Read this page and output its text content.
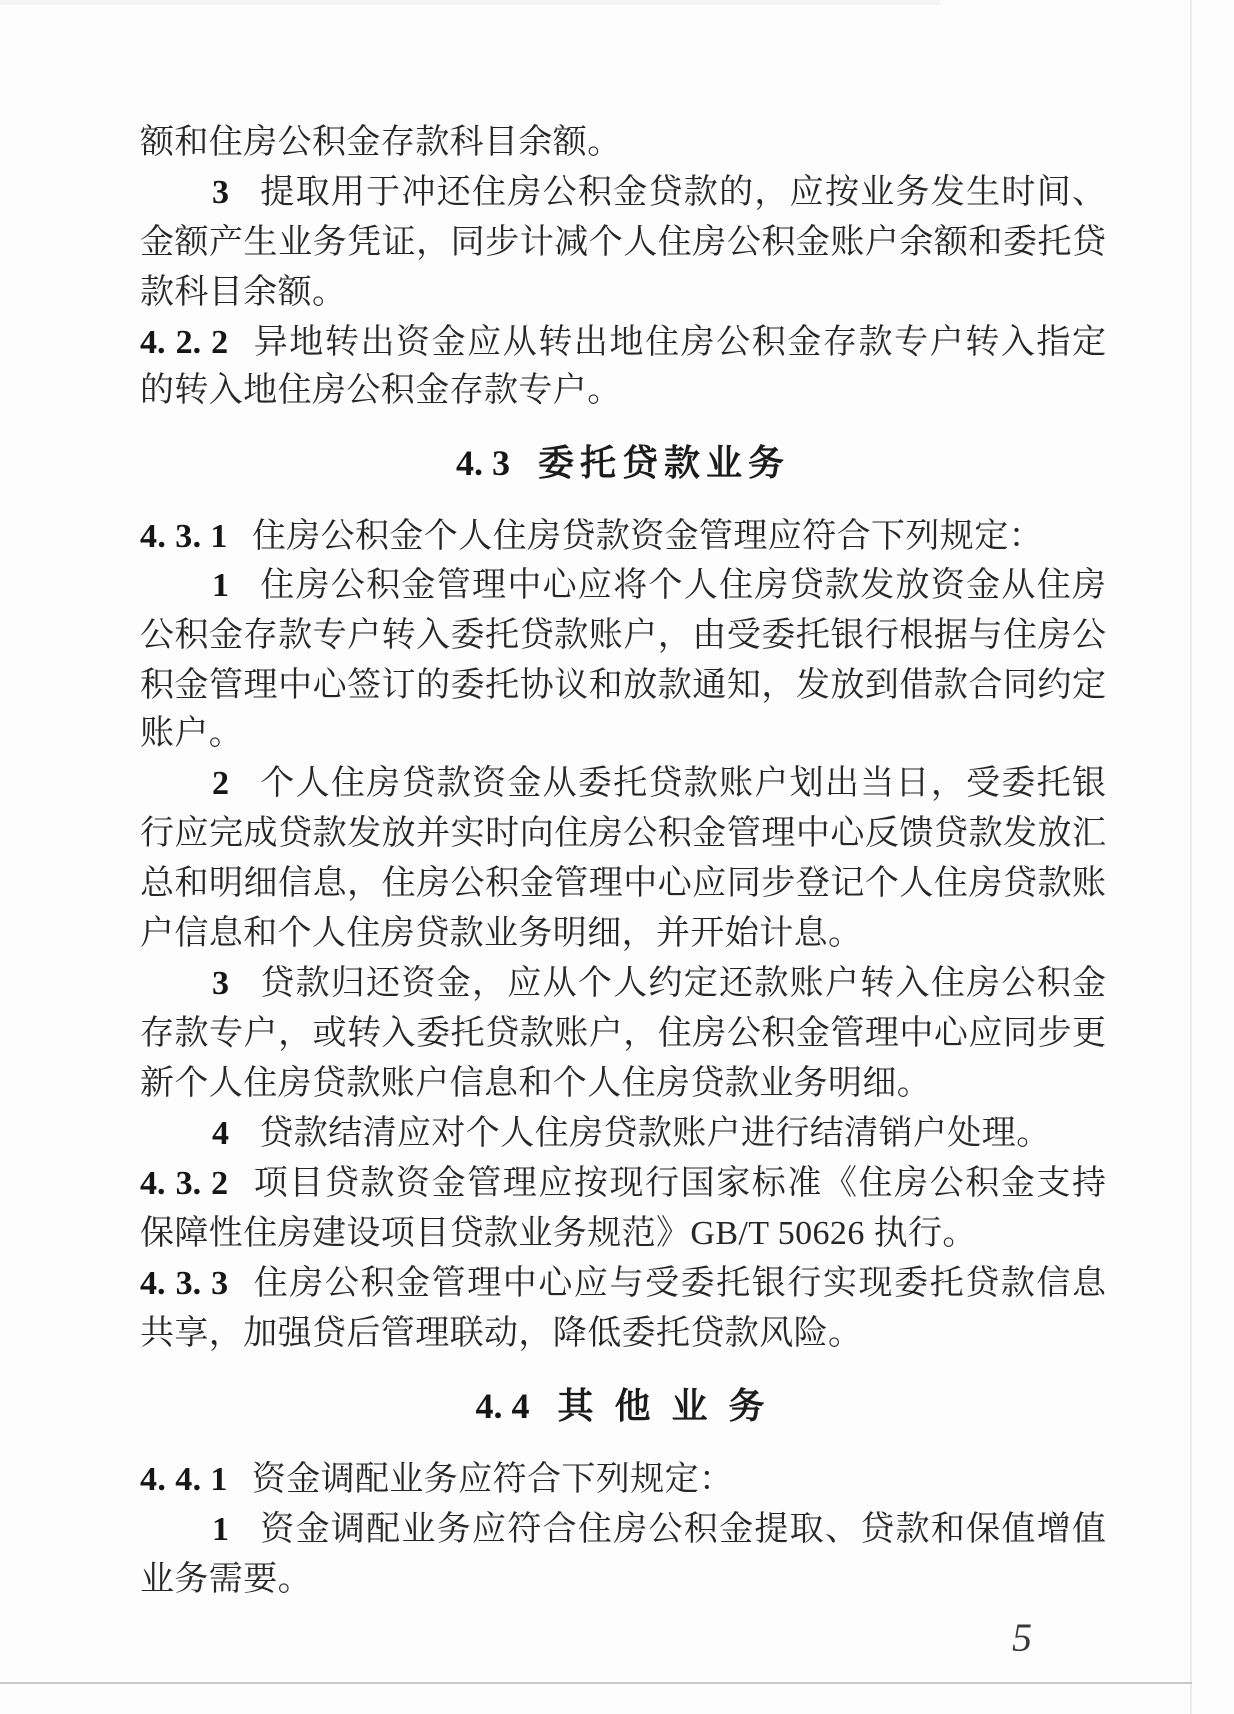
额和住房公积金存款科目余额。
3 提取用于冲还住房公积金贷款的，应按业务发生时间、
金额产生业务凭证，同步计减个人住房公积金账户余额和委托贷
款科目余额。
4. 2. 2 异地转出资金应从转出地住房公积金存款专户转入指定
的转入地住房公积金存款专户。
4. 3 委托贷款业务
4. 3. 1 住房公积金个人住房贷款资金管理应符合下列规定：
1 住房公积金管理中心应将个人住房贷款发放资金从住房
公积金存款专户转入委托贷款账户，由受委托银行根据与住房公
积金管理中心签订的委托协议和放款通知，发放到借款合同约定
账户。
2 个人住房贷款资金从委托贷款账户划出当日，受委托银
行应完成贷款发放并实时向住房公积金管理中心反馈贷款发放汇
总和明细信息，住房公积金管理中心应同步登记个人住房贷款账
户信息和个人住房贷款业务明细，并开始计息。
3 贷款归还资金，应从个人约定还款账户转入住房公积金
存款专户，或转入委托贷款账户，住房公积金管理中心应同步更
新个人住房贷款账户信息和个人住房贷款业务明细。
4 贷款结清应对个人住房贷款账户进行结清销户处理。
4. 3. 2 项目贷款资金管理应按现行国家标准《住房公积金支持
保障性住房建设项目贷款业务规范》GB/T 50626 执行。
4. 3. 3 住房公积金管理中心应与受委托银行实现委托贷款信息
共享，加强贷后管理联动，降低委托贷款风险。
4. 4 其 他 业 务
4. 4. 1 资金调配业务应符合下列规定：
1 资金调配业务应符合住房公积金提取、贷款和保值增值
业务需要。
5
